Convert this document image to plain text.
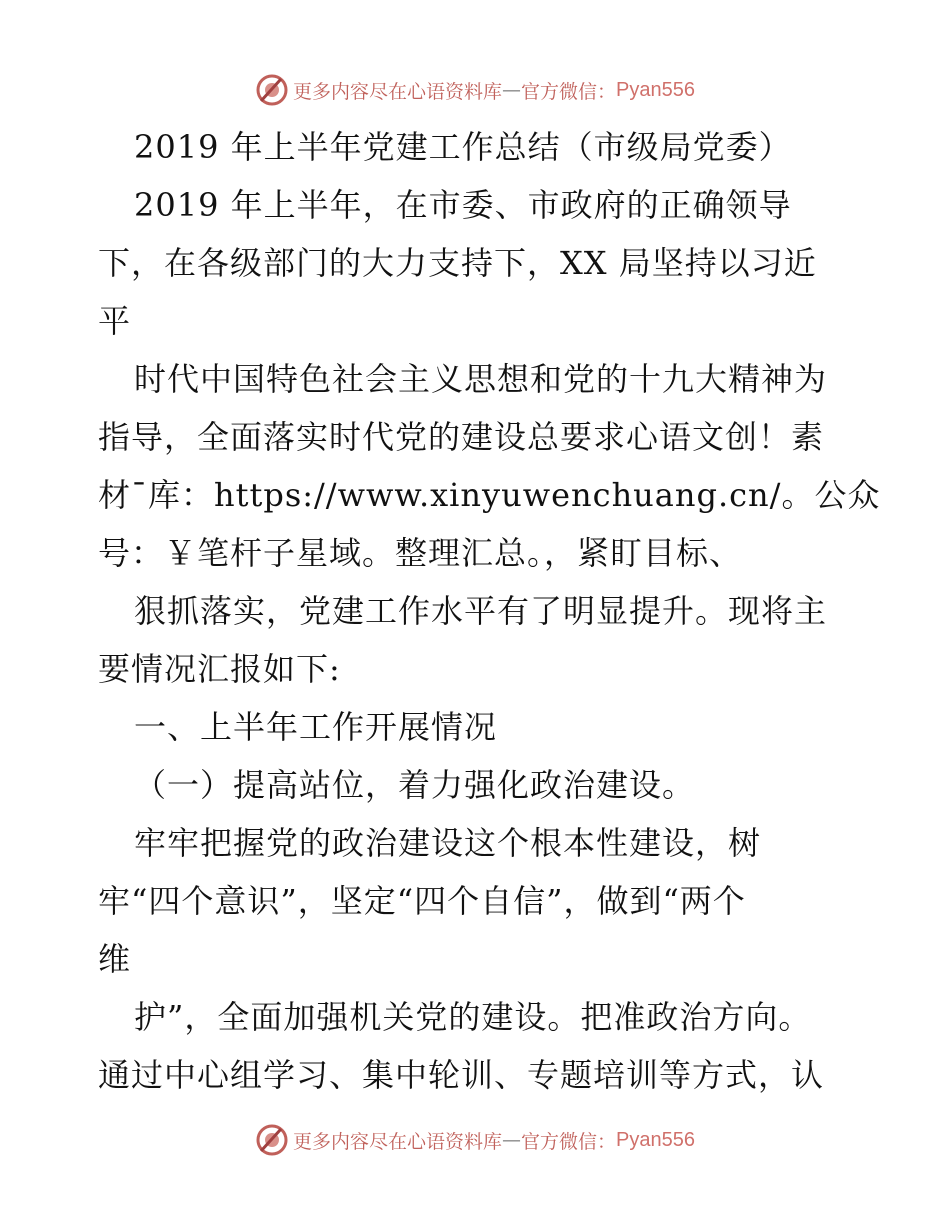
更多内容尽在心语资料库 — 官方微信： Pyan556
2019 年上半年党建工作总结（市级局党委）
2019 年上半年，在市委、市政府的正确领导
下，在各级部门的大力支持下，XX 局坚持以习近
平
时代中国特色社会主义思想和党的十九大精神为
指导，全面落实时代党的建设总要求心语文创！素
材¯库：https://www.xinyuwenchuang.cn/。公众
号：￥笔杆子星域。整理汇总。，紧盯目标、
狠抓落实，党建工作水平有了明显提升。现将主
要情况汇报如下:
一、上半年工作开展情况
（一）提高站位，着力强化政治建设。
牢牢把握党的政治建设这个根本性建设，树
牢“四个意识”，坚定“四个自信”，做到“两个
维
护”，全面加强机关党的建设。把准政治方向。
通过中心组学习、集中轮训、专题培训等方式，认
更多内容尽在心语资料库 — 官方微信： Pyan556
